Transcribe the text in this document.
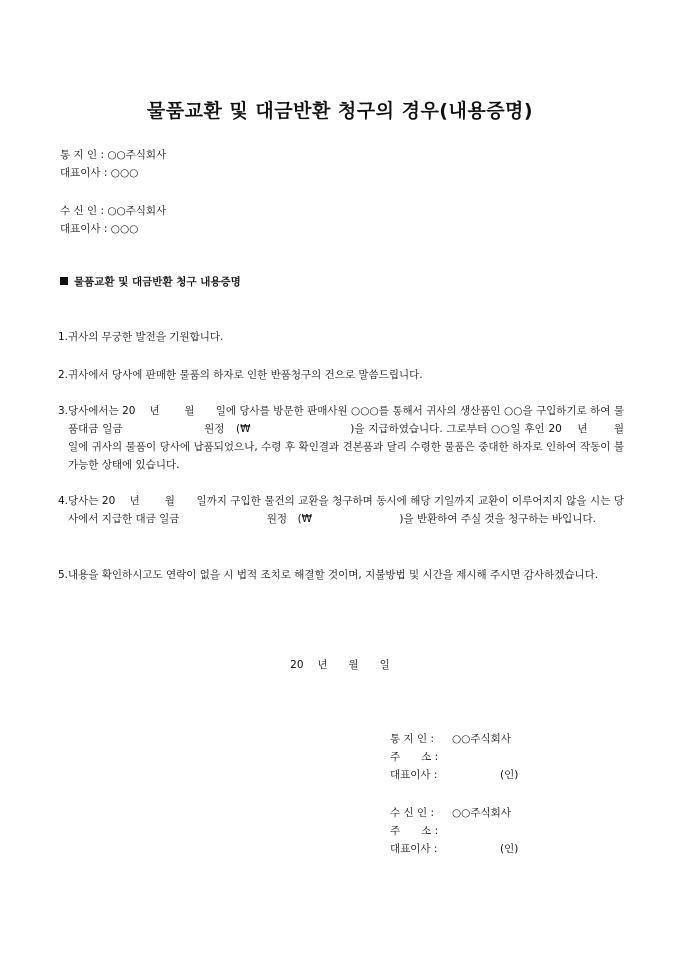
물품교환 및 대금반환 청구의 경우(내용증명)
통 지 인 : ○○주식회사
대표이사 : ○○○
수 신 인 : ○○주식회사
대표이사 : ○○○
물품교환 및 대금반환 청구 내용증명
1. 귀사의 무궁한 발전을 기원합니다.
2. 귀사에서 당사에 판매한 물품의 하자로 인한 반품청구의 건으로 말씀드립니다.
3. 당사에서는 20　 년　　 월　　일에 당사를 방문한 판매사원 ○○○를 통해서 귀사의 생산품인 ○○을 구입하기로 하여 물품대금 일금　　　　　　　 원정　(₩　　　　　　　　　)을 지급하였습니다. 그로부터 ○○일 후인 20　 년　　 월　　일에 귀사의 물품이 당사에 납품되었으나, 수령 후 확인결과 견본품과 달리 수령한 물품은 중대한 하자로 인하여 작동이 불가능한 상태에 있습니다.
4. 당사는 20　 년　　 월　　일까지 구입한 물건의 교환을 청구하며 동시에 해당 기일까지 교환이 이루어지지 않을 시는 당사에서 지급한 대금 일금　　　　　　　　 원정　(₩　　　　　　　　 )을 반환하여 주실 것을 청구하는 바입니다.
5. 내용을 확인하시고도 연락이 없을 시 법적 조치로 해결할 것이며, 지불방법 및 시간을 제시해 주시면 감사하겠습니다.
20　 년　　월　　일
통 지 인 : ○○주식회사
주　　소 :
대표이사 :	(인)
수 신 인 : ○○주식회사
주　　소 :
대표이사 :	(인)
